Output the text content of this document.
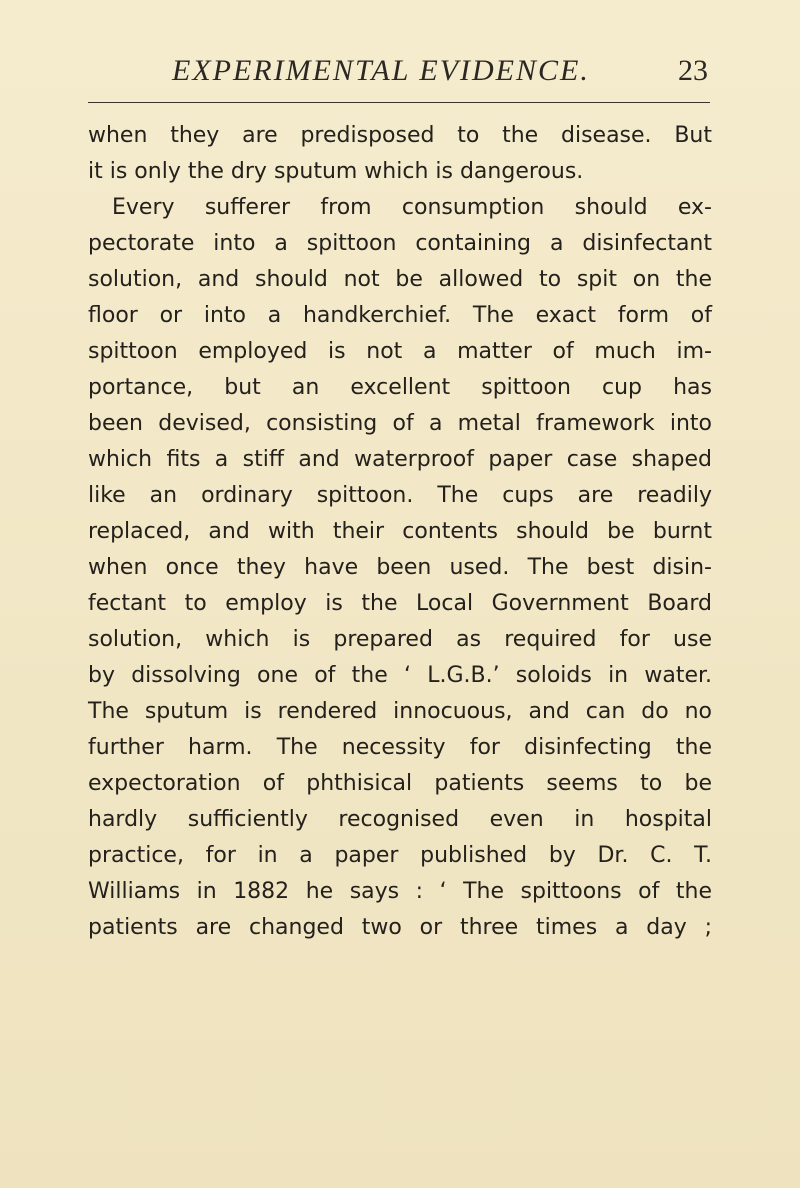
EXPERIMENTAL EVIDENCE.	23
when they are predisposed to the disease. But
it is only the dry sputum which is dangerous.
Every sufferer from consumption should ex-
pectorate into a spittoon containing a disinfectant
solution, and should not be allowed to spit on the
floor or into a handkerchief. The exact form of
spittoon employed is not a matter of much im-
portance, but an excellent spittoon cup has
been devised, consisting of a metal framework into
which fits a stiff and waterproof paper case shaped
like an ordinary spittoon. The cups are readily
replaced, and with their contents should be burnt
when once they have been used. The best disin-
fectant to employ is the Local Government Board
solution, which is prepared as required for use
by dissolving one of the ‘ L.G.B.’ soloids in water.
The sputum is rendered innocuous, and can do no
further harm. The necessity for disinfecting the
expectoration of phthisical patients seems to be
hardly sufficiently recognised even in hospital
practice, for in a paper published by Dr. C. T.
Williams in 1882 he says : ‘ The spittoons of the
patients are changed two or three times a day ;
